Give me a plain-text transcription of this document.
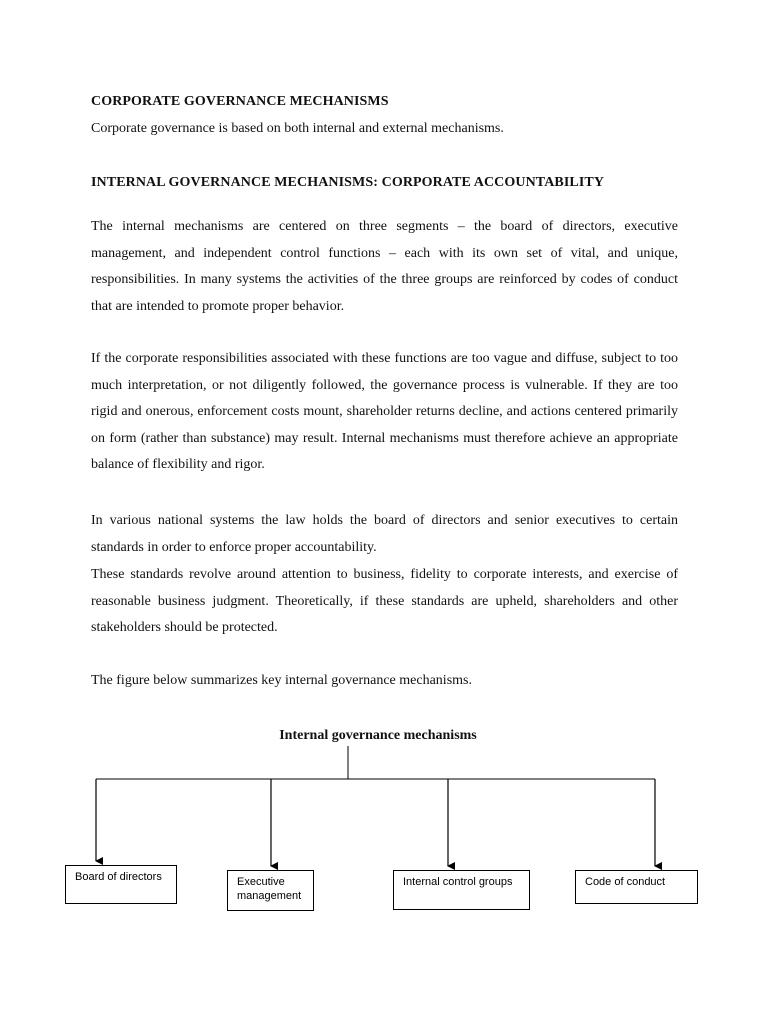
CORPORATE GOVERNANCE MECHANISMS
Corporate governance is based on both internal and external mechanisms.
INTERNAL GOVERNANCE MECHANISMS: CORPORATE ACCOUNTABILITY

The internal mechanisms are centered on three segments – the board of directors, executive management, and independent control functions – each with its own set of vital, and unique, responsibilities. In many systems the activities of the three groups are reinforced by codes of conduct that are intended to promote proper behavior.

If the corporate responsibilities associated with these functions are too vague and diffuse, subject to too much interpretation, or not diligently followed, the governance process is vulnerable. If they are too rigid and onerous, enforcement costs mount, shareholder returns decline, and actions centered primarily on form (rather than substance) may result. Internal mechanisms must therefore achieve an appropriate balance of flexibility and rigor.

In various national systems the law holds the board of directors and senior executives to certain standards in order to enforce proper accountability.

These standards revolve around attention to business, fidelity to corporate interests, and exercise of reasonable business judgment. Theoretically, if these standards are upheld, shareholders and other stakeholders should be protected.

The figure below summarizes key internal governance mechanisms.

Internal governance mechanisms
Board of directors	Executive management
Internal control groups	Code of conduct
